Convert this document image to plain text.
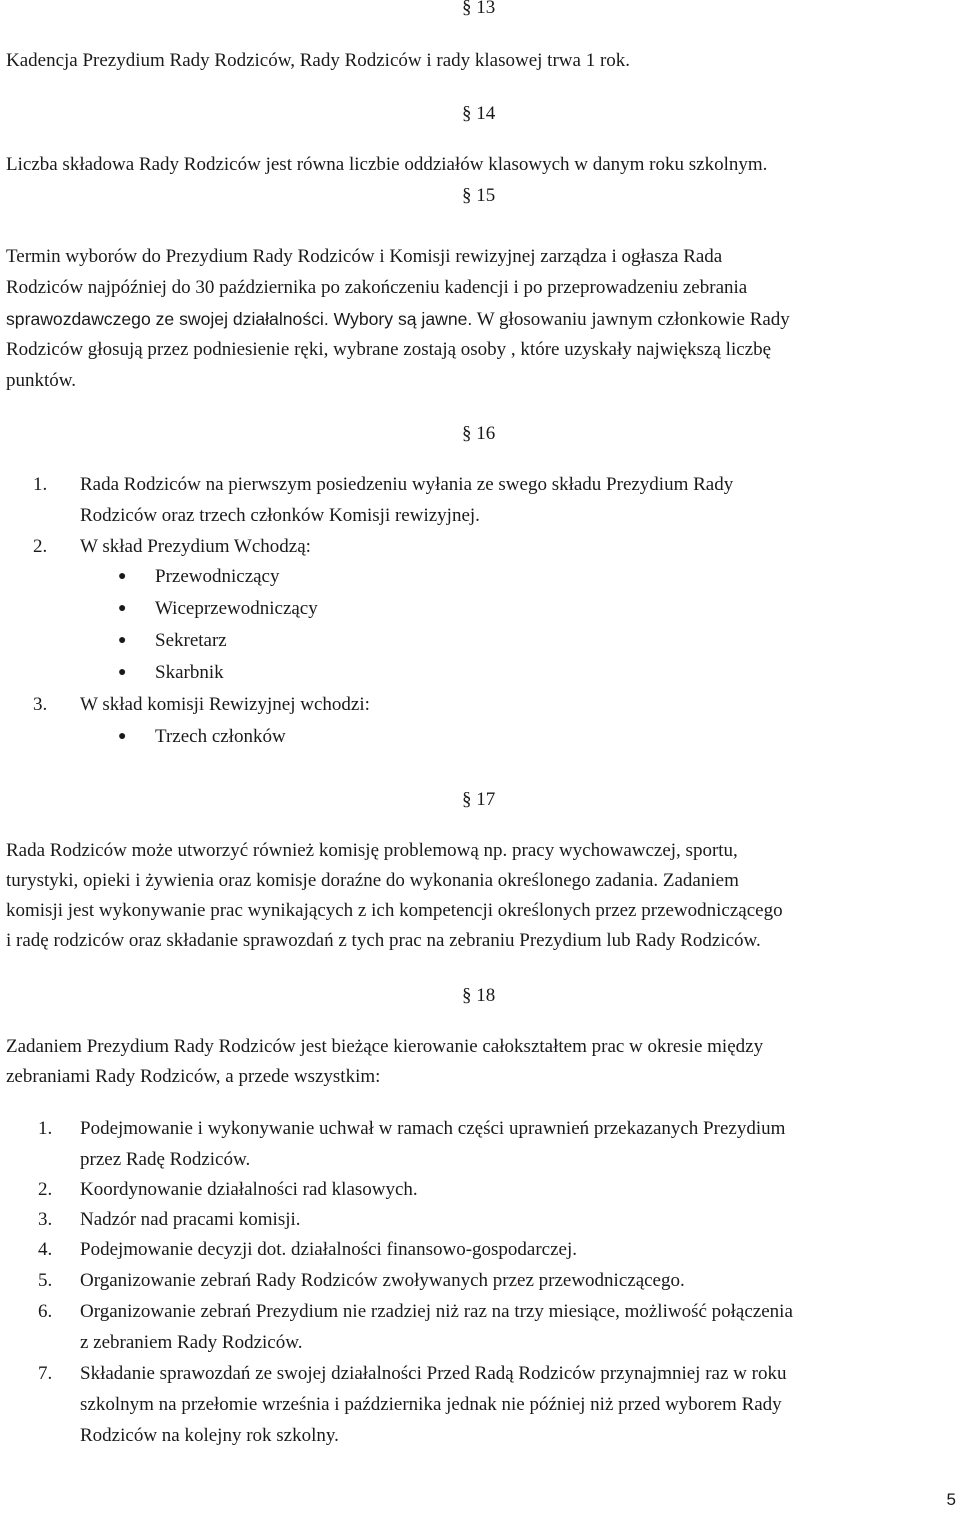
§ 13
Kadencja Prezydium Rady Rodziców, Rady Rodziców i rady klasowej trwa 1 rok.
§ 14
Liczba składowa Rady Rodziców jest równa liczbie oddziałów klasowych w danym roku szkolnym.
§ 15
Termin wyborów do Prezydium Rady Rodziców i Komisji rewizyjnej zarządza i ogłasza Rada
Rodziców najpóźniej do 30 października po zakończeniu kadencji i po przeprowadzeniu zebrania
sprawozdawczego ze swojej działalności. Wybory są jawne. W głosowaniu jawnym członkowie Rady
Rodziców głosują przez podniesienie ręki, wybrane zostają osoby , które uzyskały największą liczbę
punktów.
§ 16
1. Rada Rodziców na pierwszym posiedzeniu wyłania ze swego składu Prezydium Rady
Rodziców oraz trzech członków Komisji rewizyjnej.
2. W skład Prezydium Wchodzą:
● Przewodniczący
● Wiceprzewodniczący
● Sekretarz
● Skarbnik
3. W skład komisji Rewizyjnej wchodzi:
● Trzech członków
§ 17
Rada Rodziców może utworzyć również komisję problemową np. pracy wychowawczej, sportu,
turystyki, opieki i żywienia oraz komisje doraźne do wykonania określonego zadania. Zadaniem
komisji jest wykonywanie prac wynikających z ich kompetencji określonych przez przewodniczącego
i radę rodziców oraz składanie sprawozdań z tych prac na zebraniu Prezydium lub Rady Rodziców.
§ 18
Zadaniem Prezydium Rady Rodziców jest bieżące kierowanie całokształtem prac w okresie między
zebraniami Rady Rodziców, a przede wszystkim:
1. Podejmowanie i wykonywanie uchwał w ramach części uprawnień przekazanych Prezydium
przez Radę Rodziców.
2. Koordynowanie działalności rad klasowych.
3. Nadzór nad pracami komisji.
4. Podejmowanie decyzji dot. działalności finansowo-gospodarczej.
5. Organizowanie zebrań Rady Rodziców zwoływanych przez przewodniczącego.
6. Organizowanie zebrań Prezydium nie rzadziej niż raz na trzy miesiące, możliwość połączenia
z zebraniem Rady Rodziców.
7. Składanie sprawozdań ze swojej działalności Przed Radą Rodziców przynajmniej raz w roku
szkolnym na przełomie września i października jednak nie później niż przed wyborem Rady
Rodziców na kolejny rok szkolny.
5
